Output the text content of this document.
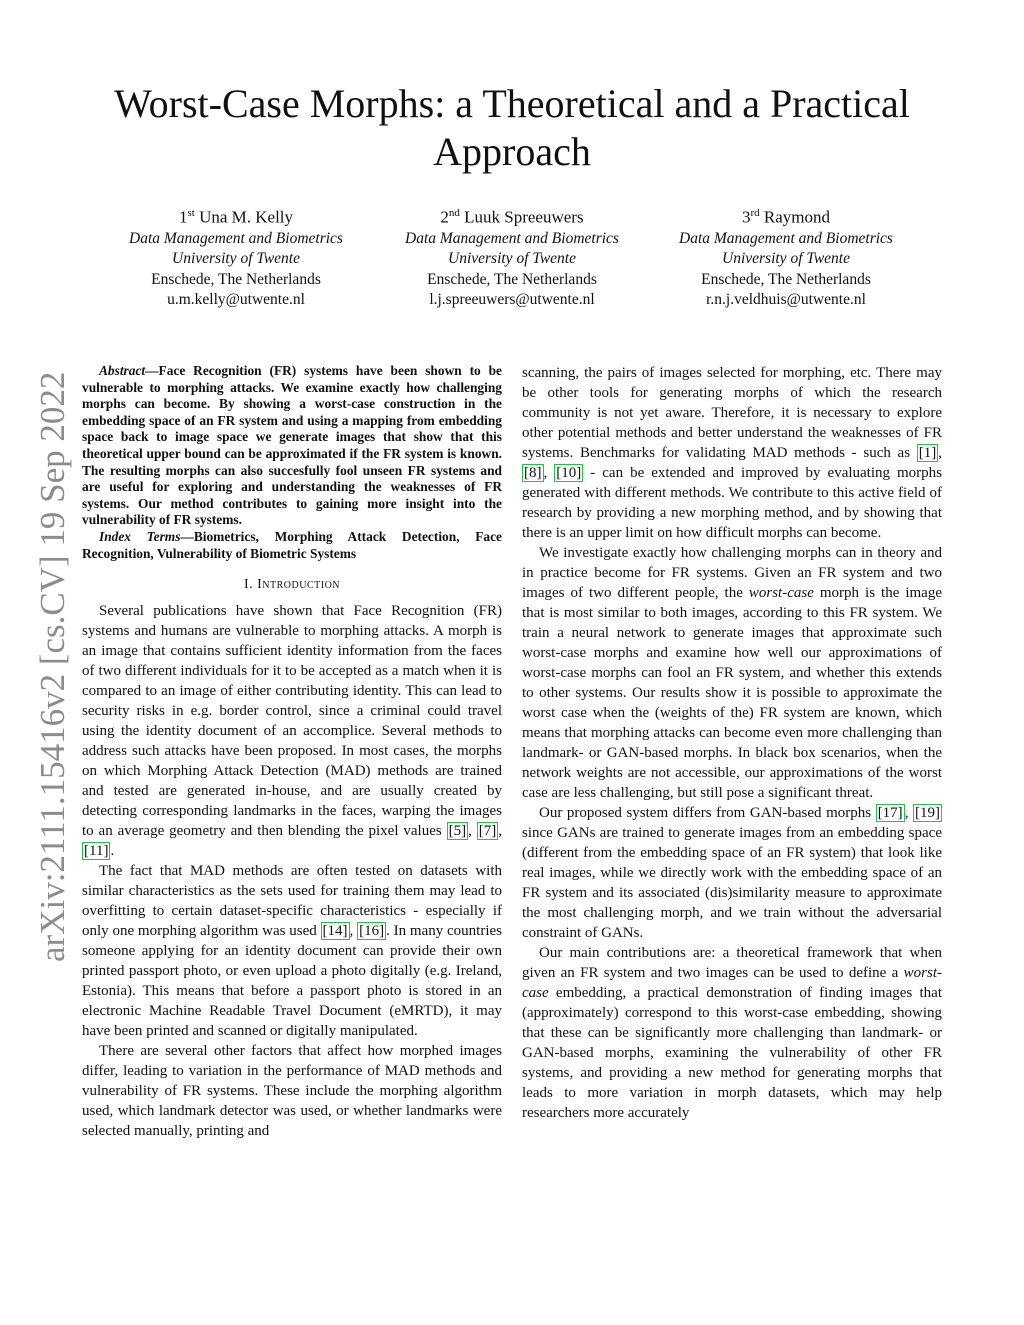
Worst-Case Morphs: a Theoretical and a Practical Approach
1st Una M. Kelly
Data Management and Biometrics
University of Twente
Enschede, The Netherlands
u.m.kelly@utwente.nl
2nd Luuk Spreeuwers
Data Management and Biometrics
University of Twente
Enschede, The Netherlands
l.j.spreeuwers@utwente.nl
3rd Raymond
Data Management and Biometrics
University of Twente
Enschede, The Netherlands
r.n.j.veldhuis@utwente.nl
arXiv:2111.15416v2 [cs.CV] 19 Sep 2022

Abstract—Face Recognition (FR) systems have been shown to be vulnerable to morphing attacks. We examine exactly how challenging morphs can become. By showing a worst-case construction in the embedding space of an FR system and using a mapping from embedding space back to image space we generate images that show that this theoretical upper bound can be approximated if the FR system is known. The resulting morphs can also succesfully fool unseen FR systems and are useful for exploring and understanding the weaknesses of FR systems. Our method contributes to gaining more insight into the vulnerability of FR systems.

Index Terms—Biometrics, Morphing Attack Detection, Face Recognition, Vulnerability of Biometric Systems

I. Introduction

Several publications have shown that Face Recognition (FR) systems and humans are vulnerable to morphing attacks. A morph is an image that contains sufficient identity information from the faces of two different individuals for it to be accepted as a match when it is compared to an image of either contributing identity. This can lead to security risks in e.g. border control, since a criminal could travel using the identity document of an accomplice. Several methods to address such attacks have been proposed. In most cases, the morphs on which Morphing Attack Detection (MAD) methods are trained and tested are generated in-house, and are usually created by detecting corresponding landmarks in the faces, warping the images to an average geometry and then blending the pixel values [5] , [7] , [11] .

The fact that MAD methods are often tested on datasets with similar characteristics as the sets used for training them may lead to overfitting to certain dataset-specific characteristics - especially if only one morphing algorithm was used [14] , [16] . In many countries someone applying for an identity document can provide their own printed passport photo, or even upload a photo digitally (e.g. Ireland, Estonia). This means that before a passport photo is stored in an electronic Machine Readable Travel Document (eMRTD), it may have been printed and scanned or digitally manipulated.

There are several other factors that affect how morphed images differ, leading to variation in the performance of MAD methods and vulnerability of FR systems. These include the morphing algorithm used, which landmark detector was used, or whether landmarks were selected manually, printing and

scanning, the pairs of images selected for morphing, etc. There may be other tools for generating morphs of which the research community is not yet aware. Therefore, it is necessary to explore other potential methods and better understand the weaknesses of FR systems. Benchmarks for validating MAD methods - such as [1] , [8] , [10] - can be extended and improved by evaluating morphs generated with different methods. We contribute to this active field of research by providing a new morphing method, and by showing that there is an upper limit on how difficult morphs can become.

We investigate exactly how challenging morphs can in theory and in practice become for FR systems. Given an FR system and two images of two different people, the worst-case morph is the image that is most similar to both images, according to this FR system. We train a neural network to generate images that approximate such worst-case morphs and examine how well our approximations of worst-case morphs can fool an FR system, and whether this extends to other systems. Our results show it is possible to approximate the worst case when the (weights of the) FR system are known, which means that morphing attacks can become even more challenging than landmark- or GAN-based morphs. In black box scenarios, when the network weights are not accessible, our approximations of the worst case are less challenging, but still pose a significant threat.

Our proposed system differs from GAN-based morphs [17] , [19] since GANs are trained to generate images from an embedding space (different from the embedding space of an FR system) that look like real images, while we directly work with the embedding space of an FR system and its associated (dis)similarity measure to approximate the most challenging morph, and we train without the adversarial constraint of GANs.

Our main contributions are: a theoretical framework that when given an FR system and two images can be used to define a worst-case embedding, a practical demonstration of finding images that (approximately) correspond to this worst-case embedding, showing that these can be significantly more challenging than landmark- or GAN-based morphs, examining the vulnerability of other FR systems, and providing a new method for generating morphs that leads to more variation in morph datasets, which may help researchers more accurately
